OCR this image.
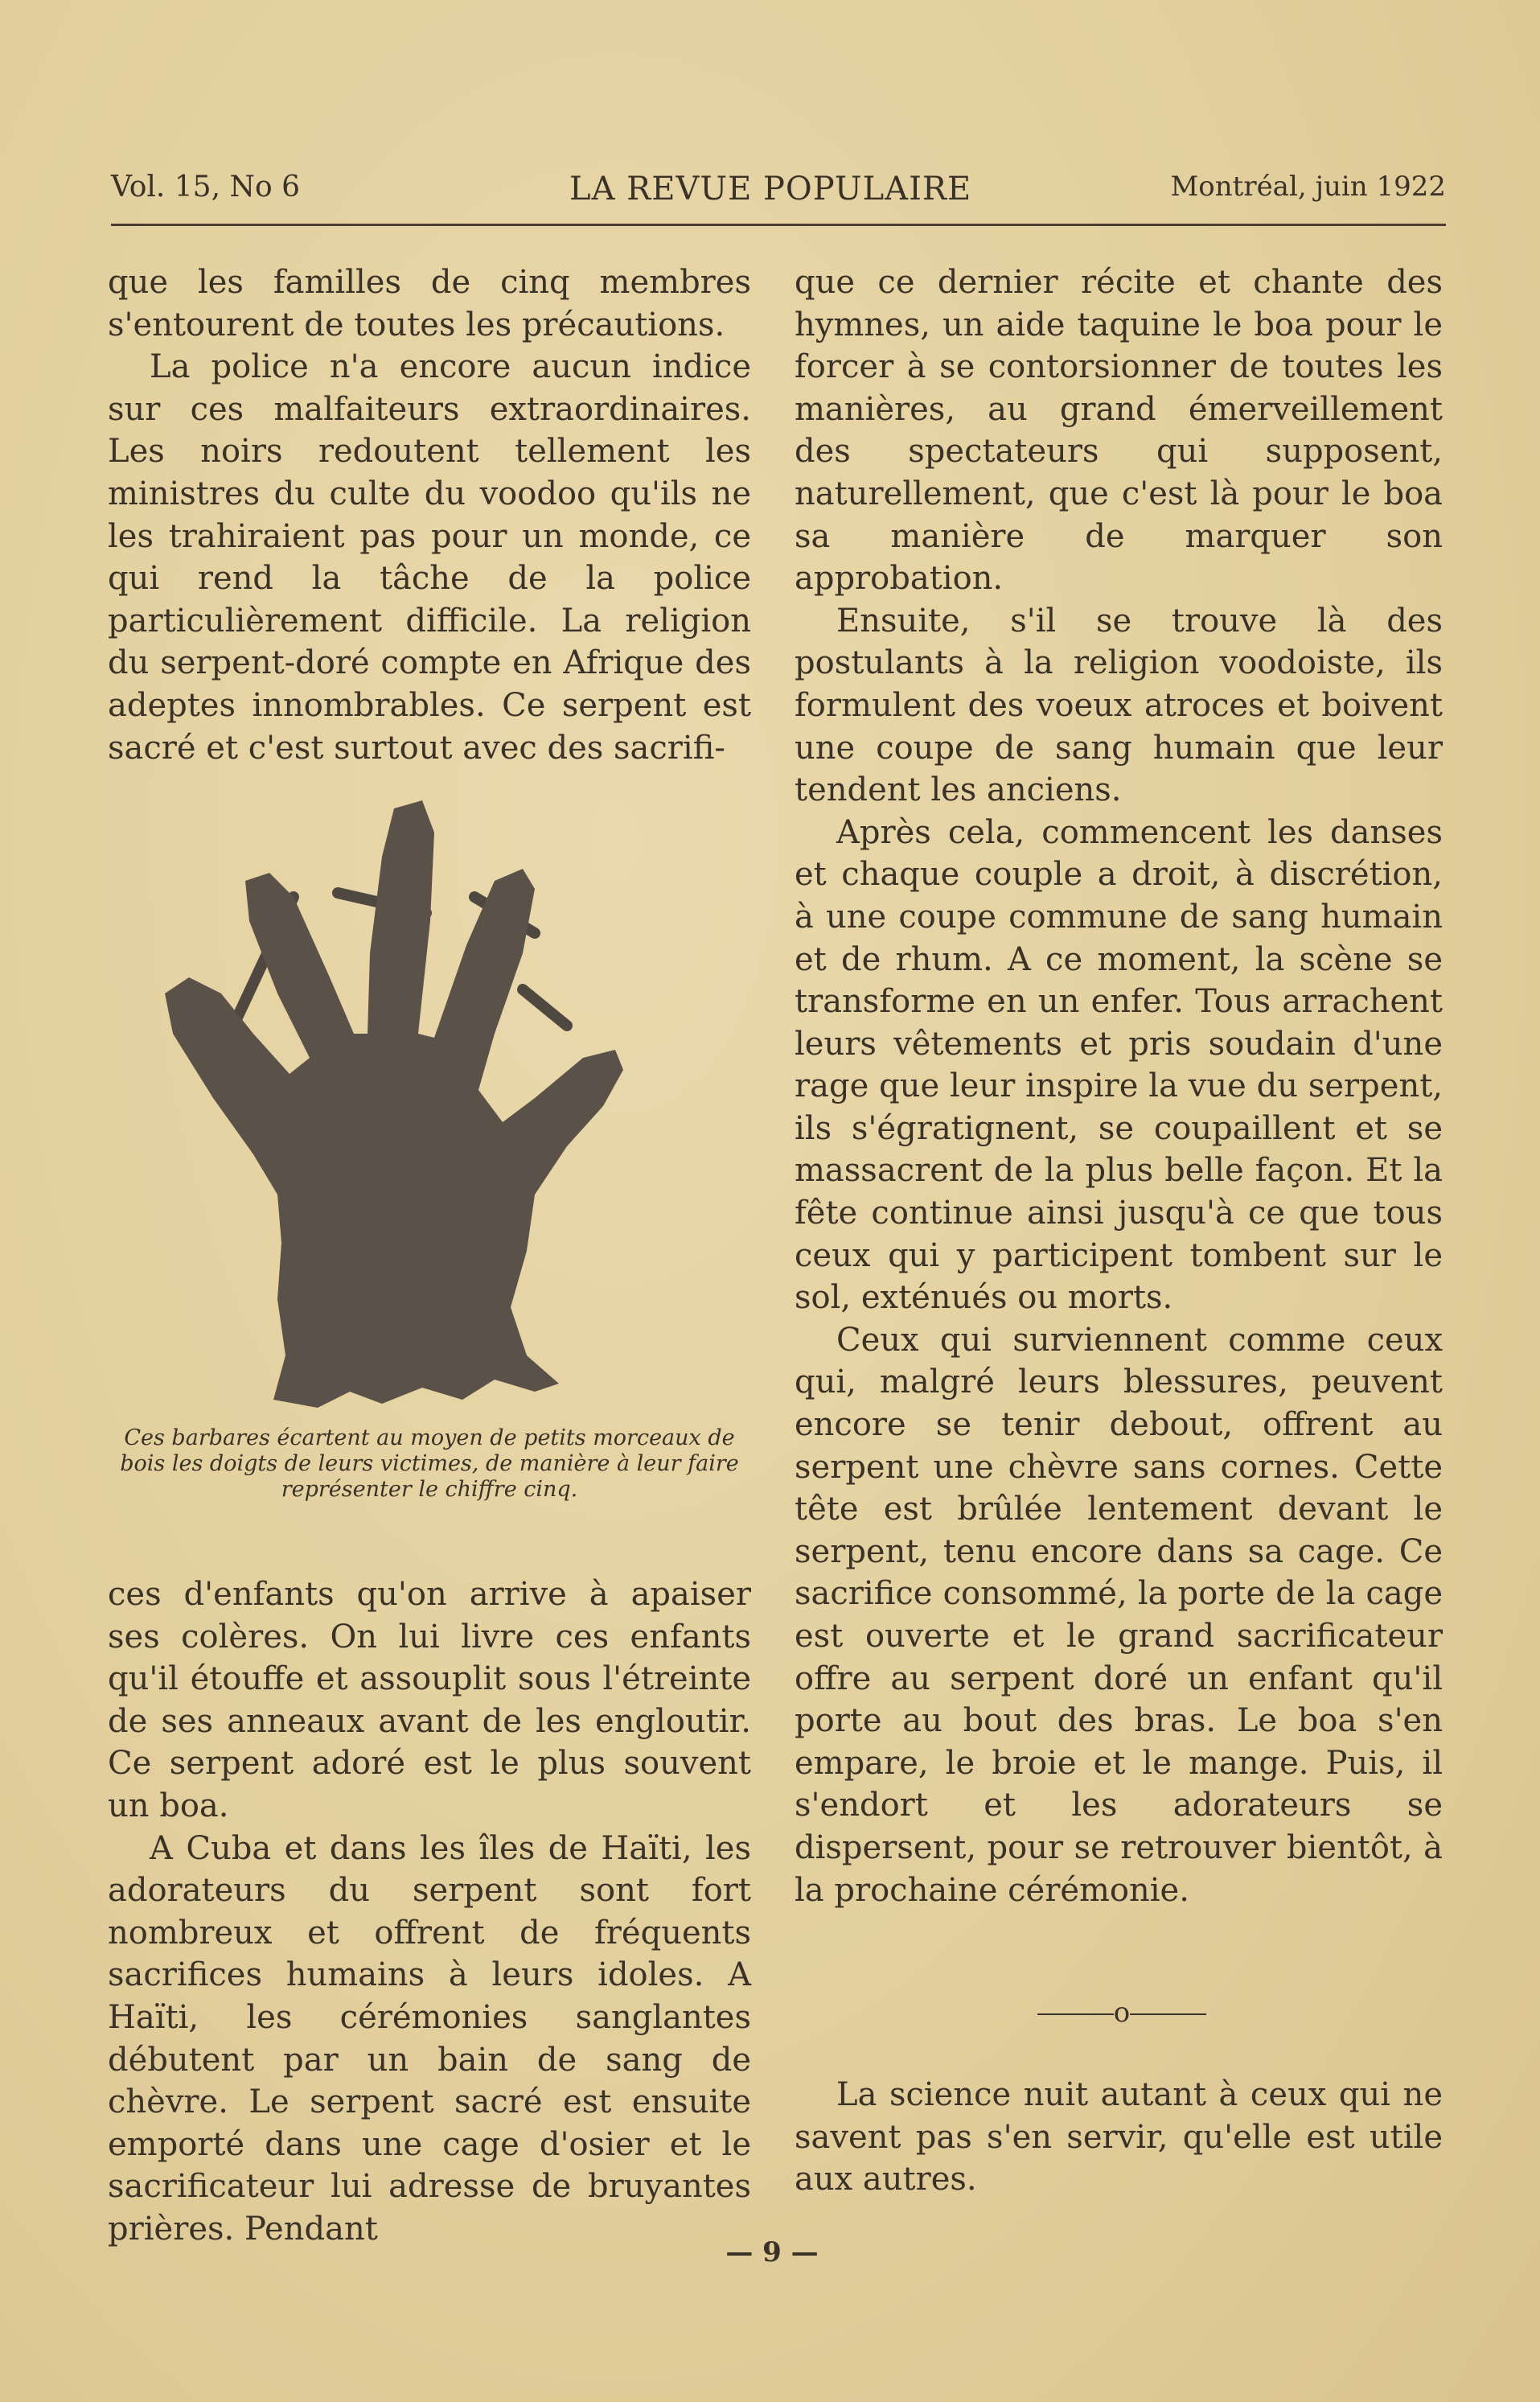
Vol. 15, No 6	LA REVUE POPULAIRE	Montréal, juin 1922

que les familles de cinq membres s'entourent de toutes les précautions.

La police n'a encore aucun indice sur ces malfaiteurs extraordinaires. Les noirs redoutent tellement les ministres du culte du voodoo qu'ils ne les trahiraient pas pour un monde, ce qui rend la tâche de la police particulièrement difficile. La religion du serpent-doré compte en Afrique des adeptes innombrables. Ce serpent est sacré et c'est surtout avec des sacrifi-

Ces barbares écartent au moyen de petits morceaux de bois les doigts de leurs victimes, de manière à leur faire représenter le chiffre cinq.

ces d'enfants qu'on arrive à apaiser ses colères. On lui livre ces enfants qu'il étouffe et assouplit sous l'étreinte de ses anneaux avant de les engloutir. Ce serpent adoré est le plus souvent un boa.

A Cuba et dans les îles de Haïti, les adorateurs du serpent sont fort nombreux et offrent de fréquents sacrifices humains à leurs idoles. A Haïti, les cérémonies sanglantes débutent par un bain de sang de chèvre. Le serpent sacré est ensuite emporté dans une cage d'osier et le sacrificateur lui adresse de bruyantes prières. Pendant

que ce dernier récite et chante des hymnes, un aide taquine le boa pour le forcer à se contorsionner de toutes les manières, au grand émerveillement des spectateurs qui supposent, naturellement, que c'est là pour le boa sa manière de marquer son approbation.

Ensuite, s'il se trouve là des postulants à la religion voodoiste, ils formulent des voeux atroces et boivent une coupe de sang humain que leur tendent les anciens.

Après cela, commencent les danses et chaque couple a droit, à discrétion, à une coupe commune de sang humain et de rhum. A ce moment, la scène se transforme en un enfer. Tous arrachent leurs vêtements et pris soudain d'une rage que leur inspire la vue du serpent, ils s'égratignent, se coupaillent et se massacrent de la plus belle façon. Et la fête continue ainsi jusqu'à ce que tous ceux qui y participent tombent sur le sol, exténués ou morts.

Ceux qui surviennent comme ceux qui, malgré leurs blessures, peuvent encore se tenir debout, offrent au serpent une chèvre sans cornes. Cette tête est brûlée lentement devant le serpent, tenu encore dans sa cage. Ce sacrifice consommé, la porte de la cage est ouverte et le grand sacrificateur offre au serpent doré un enfant qu'il porte au bout des bras. Le boa s'en empare, le broie et le mange. Puis, il s'endort et les adorateurs se dispersent, pour se retrouver bientôt, à la prochaine cérémonie.

o

La science nuit autant à ceux qui ne savent pas s'en servir, qu'elle est utile aux autres.

— 9 —
